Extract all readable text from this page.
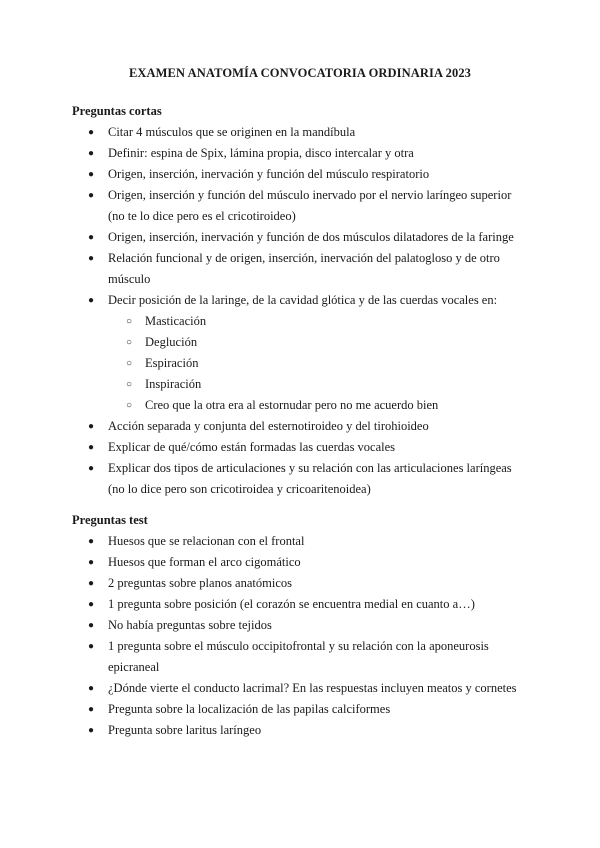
EXAMEN ANATOMÍA CONVOCATORIA ORDINARIA 2023
Preguntas cortas
● Citar 4 músculos que se originen en la mandíbula
● Definir: espina de Spix, lámina propia, disco intercalar y otra
● Origen, inserción, inervación y función del músculo respiratorio
● Origen, inserción y función del músculo inervado por el nervio laríngeo superior (no te lo dice pero es el cricotiroideo)
● Origen, inserción, inervación y función de dos músculos dilatadores de la faringe
● Relación funcional y de origen, inserción, inervación del palatogloso y de otro músculo
● Decir posición de la laringe, de la cavidad glótica y de las cuerdas vocales en:
○ Masticación
○ Deglución
○ Espiración
○ Inspiración
○ Creo que la otra era al estornudar pero no me acuerdo bien
● Acción separada y conjunta del esternotiroideo y del tirohioideo
● Explicar de qué/cómo están formadas las cuerdas vocales
● Explicar dos tipos de articulaciones y su relación con las articulaciones laríngeas (no lo dice pero son cricotiroidea y cricoaritenoidea)
Preguntas test
● Huesos que se relacionan con el frontal
● Huesos que forman el arco cigomático
● 2 preguntas sobre planos anatómicos
● 1 pregunta sobre posición (el corazón se encuentra medial en cuanto a…)
● No había preguntas sobre tejidos
● 1 pregunta sobre el músculo occipitofrontal y su relación con la aponeurosis epicraneal
● ¿Dónde vierte el conducto lacrimal? En las respuestas incluyen meatos y cornetes
● Pregunta sobre la localización de las papilas calciformes
● Pregunta sobre laritus laríngeo
